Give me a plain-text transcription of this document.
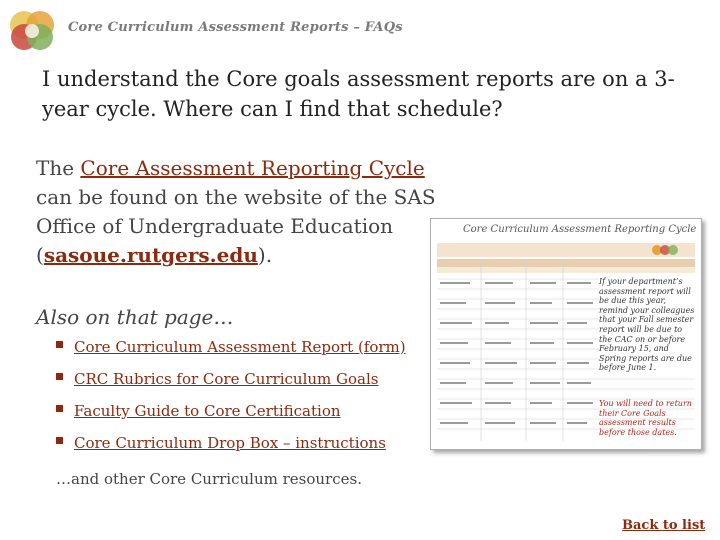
Core Curriculum Assessment Reports – FAQs
I understand the Core goals assessment reports are on a 3-year cycle. Where can I find that schedule?
The Core Assessment Reporting Cycle can be found on the website of the SAS Office of Undergraduate Education (sasoue.rutgers.edu).
Also on that page…
Core Curriculum Assessment Report (form)
CRC Rubrics for Core Curriculum Goals
Faculty Guide to Core Certification
Core Curriculum Drop Box – instructions
…and other Core Curriculum resources.
Back to list
Core Curriculum Assessment Reporting Cycle
If your department’s assessment report will be due this year, remind your colleagues that your Fall semester report will be due to the CAC on or before February 15, and Spring reports are due before June 1.
You will need to return their Core Goals assessment results before those dates.
